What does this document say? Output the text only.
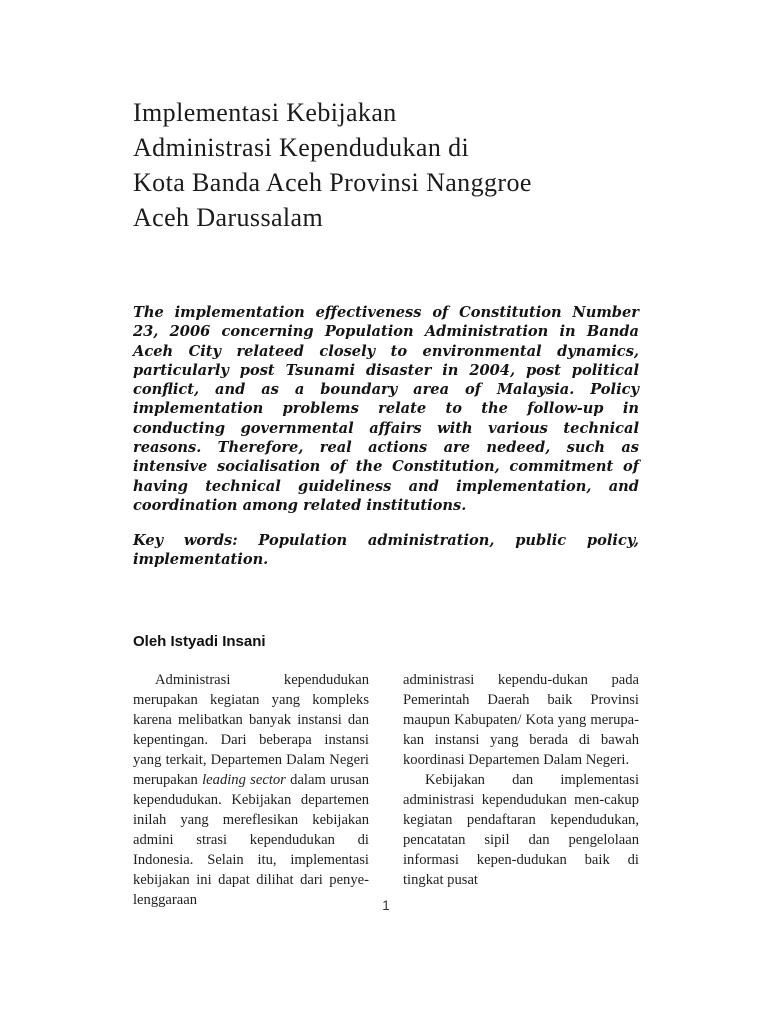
Implementasi Kebijakan
Administrasi Kependudukan di
Kota Banda Aceh Provinsi Nanggroe
Aceh Darussalam

The implementation effectiveness of Constitution Number 23, 2006 concerning Population Administration in Banda Aceh City relateed closely to environmental dynamics, particularly post Tsunami disaster in 2004, post political conflict, and as a boundary area of Malaysia. Policy implementation problems relate to the follow-up in conducting governmental affairs with various technical reasons. Therefore, real actions are nedeed, such as intensive socialisation of the Constitution, commitment of having technical guideliness and implementation, and coordination among related institutions.

Key words: Population administration, public policy, implementation.

Oleh Istyadi Insani

Administrasi kependudukan merupakan kegiatan yang kompleks karena melibatkan banyak instansi dan kepentingan. Dari beberapa instansi yang terkait, Departemen Dalam Negeri merupakan leading sector dalam urusan kependudukan. Kebijakan departemen inilah yang mereflesikan kebijakan admini strasi kependudukan di Indonesia. Selain itu, implementasi kebijakan ini dapat dilihat dari penye-lenggaraan

administrasi kependu-dukan pada Pemerintah Daerah baik Provinsi maupun Kabupaten/ Kota yang merupa-kan instansi yang berada di bawah koordinasi Departemen Dalam Negeri.

Kebijakan dan implementasi administrasi kependudukan men-cakup kegiatan pendaftaran kependudukan, pencatatan sipil dan pengelolaan informasi kepen-dudukan baik di tingkat pusat

1
